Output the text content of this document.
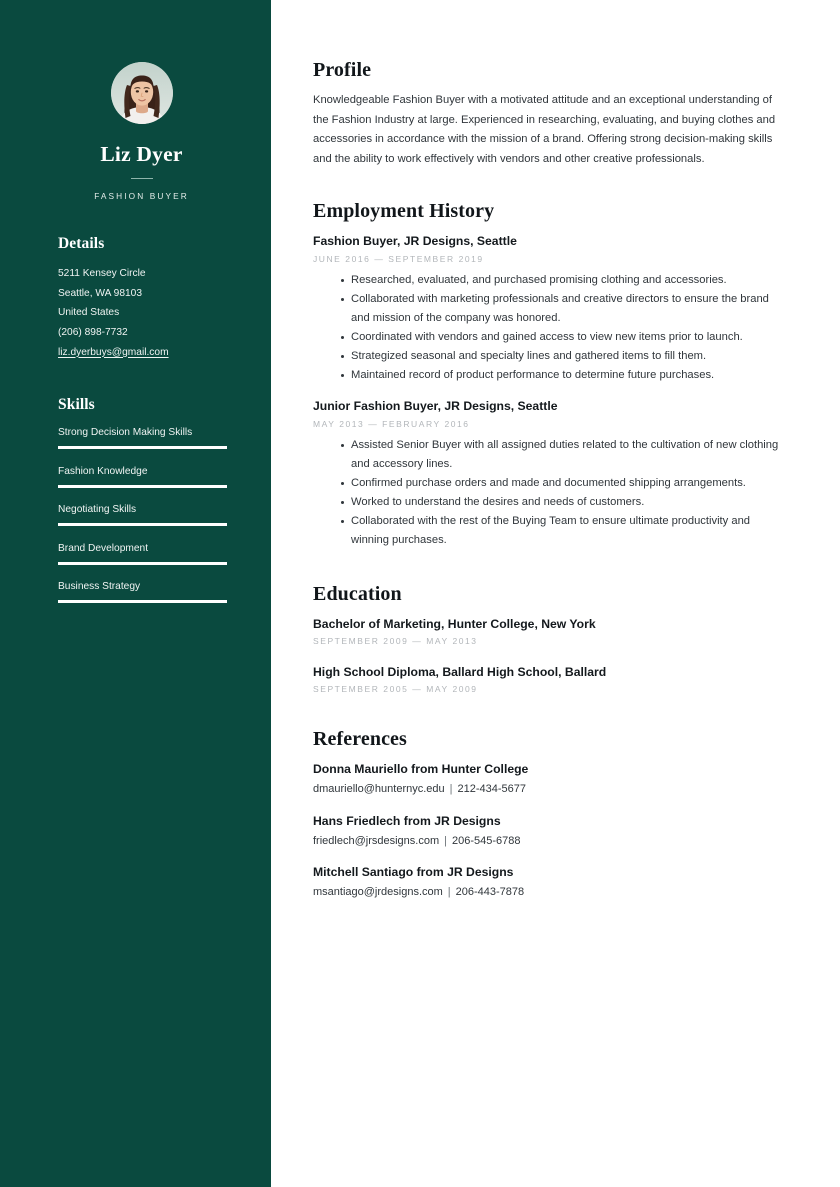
Liz Dyer
FASHION BUYER
Details
5211 Kensey Circle
Seattle, WA 98103
United States
(206) 898-7732
liz.dyerbuys@gmail.com
Skills
Strong Decision Making Skills
Fashion Knowledge
Negotiating Skills
Brand Development
Business Strategy
Profile

Knowledgeable Fashion Buyer with a motivated attitude and an exceptional understanding of the Fashion Industry at large. Experienced in researching, evaluating, and buying clothes and accessories in accordance with the mission of a brand. Offering strong decision-making skills and the ability to work effectively with vendors and other creative professionals.

Employment History
Fashion Buyer, JR Designs, Seattle
JUNE 2016 — SEPTEMBER 2019
Researched, evaluated, and purchased promising clothing and accessories.
Collaborated with marketing professionals and creative directors to ensure the brand and mission of the company was honored.
Coordinated with vendors and gained access to view new items prior to launch.
Strategized seasonal and specialty lines and gathered items to fill them.
Maintained record of product performance to determine future purchases.
Junior Fashion Buyer, JR Designs, Seattle
MAY 2013 — FEBRUARY 2016
Assisted Senior Buyer with all assigned duties related to the cultivation of new clothing and accessory lines.
Confirmed purchase orders and made and documented shipping arrangements.
Worked to understand the desires and needs of customers.
Collaborated with the rest of the Buying Team to ensure ultimate productivity and winning purchases.
Education
Bachelor of Marketing, Hunter College, New York
SEPTEMBER 2009 — MAY 2013
High School Diploma, Ballard High School, Ballard
SEPTEMBER 2005 — MAY 2009
References
Donna Mauriello from Hunter College
dmauriello@hunternyc.edu | 212-434-5677
Hans Friedlech from JR Designs
friedlech@jrsdesigns.com | 206-545-6788
Mitchell Santiago from JR Designs
msantiago@jrdesigns.com | 206-443-7878
